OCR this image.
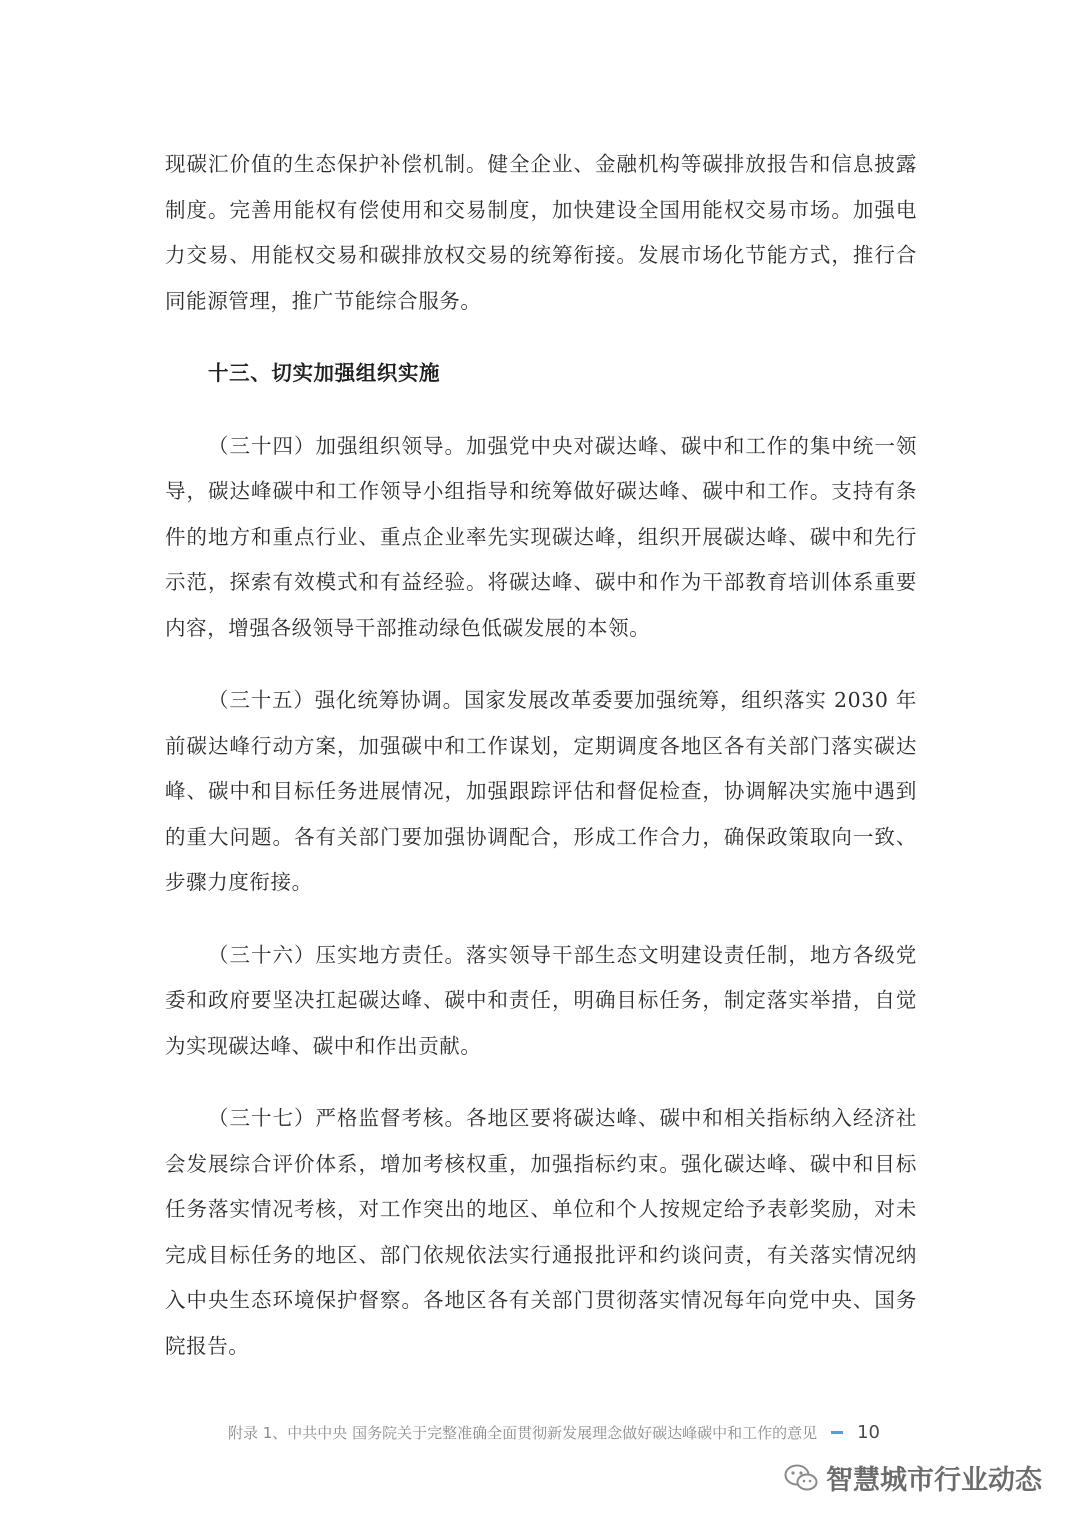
现碳汇价值的生态保护补偿机制。健全企业、金融机构等碳排放报告和信息披露制度。完善用能权有偿使用和交易制度，加快建设全国用能权交易市场。加强电力交易、用能权交易和碳排放权交易的统筹衔接。发展市场化节能方式，推行合同能源管理，推广节能综合服务。

十三、切实加强组织实施

（三十四）加强组织领导。加强党中央对碳达峰、碳中和工作的集中统一领导，碳达峰碳中和工作领导小组指导和统筹做好碳达峰、碳中和工作。支持有条件的地方和重点行业、重点企业率先实现碳达峰，组织开展碳达峰、碳中和先行示范，探索有效模式和有益经验。将碳达峰、碳中和作为干部教育培训体系重要内容，增强各级领导干部推动绿色低碳发展的本领。

（三十五）强化统筹协调。国家发展改革委要加强统筹，组织落实 2030 年前碳达峰行动方案，加强碳中和工作谋划，定期调度各地区各有关部门落实碳达峰、碳中和目标任务进展情况，加强跟踪评估和督促检查，协调解决实施中遇到的重大问题。各有关部门要加强协调配合，形成工作合力，确保政策取向一致、步骤力度衔接。

（三十六）压实地方责任。落实领导干部生态文明建设责任制，地方各级党委和政府要坚决扛起碳达峰、碳中和责任，明确目标任务，制定落实举措，自觉为实现碳达峰、碳中和作出贡献。

（三十七）严格监督考核。各地区要将碳达峰、碳中和相关指标纳入经济社会发展综合评价体系，增加考核权重，加强指标约束。强化碳达峰、碳中和目标任务落实情况考核，对工作突出的地区、单位和个人按规定给予表彰奖励，对未完成目标任务的地区、部门依规依法实行通报批评和约谈问责，有关落实情况纳入中央生态环境保护督察。各地区各有关部门贯彻落实情况每年向党中央、国务院报告。

附录 1、中共中央 国务院关于完整准确全面贯彻新发展理念做好碳达峰碳中和工作的意见 10
智慧城市行业动态
